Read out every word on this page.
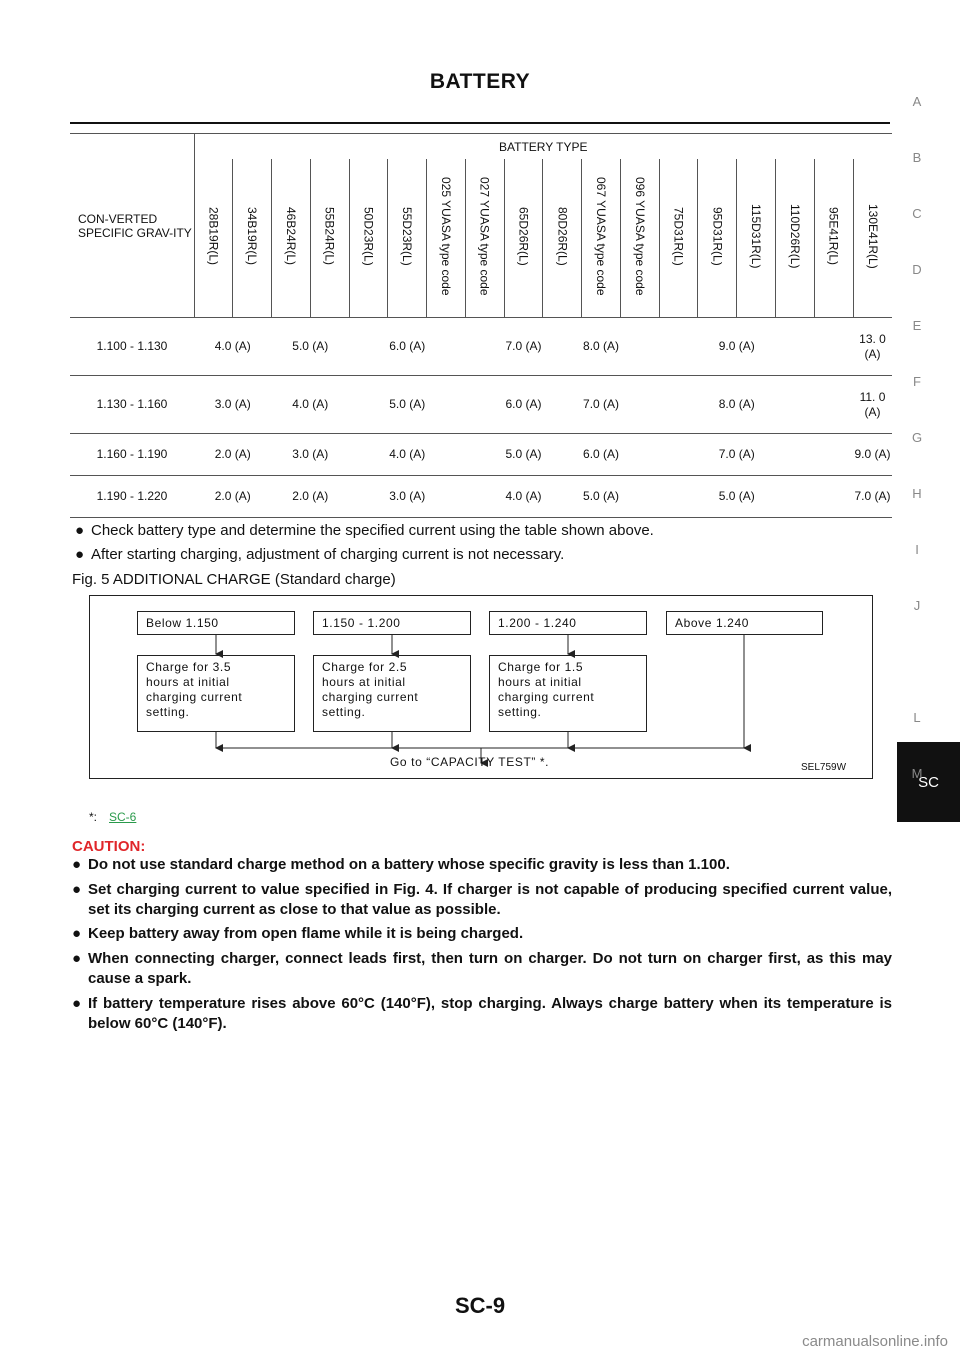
BATTERY
A
B
C
D
E
F
G
H
I
J
SC
L
M
CON-VERTED SPECIFIC GRAV-ITY	BATTERY TYPE																	
	28B19R(L)	34B19R(L)	46B24R(L)	55B24R(L)	50D23R(L)	55D23R(L)	025 YUASA type code	027 YUASA type code	65D26R(L)	80D26R(L)	067 YUASA type code	096 YUASA type code	75D31R(L)	95D31R(L)	115D31R(L)	110D26R(L)	95E41R(L)	130E41R(L)
1.100 - 1.130	4.0 (A)		5.0 (A)		6.0 (A)			7.0 (A)			8.0 (A)	9.0 (A)						13. 0 (A)
1.130 - 1.160	3.0 (A)		4.0 (A)		5.0 (A)			6.0 (A)			7.0 (A)	8.0 (A)						11. 0 (A)
1.160 - 1.190	2.0 (A)		3.0 (A)		4.0 (A)			5.0 (A)			6.0 (A)	7.0 (A)						9.0 (A)
1.190 - 1.220	2.0 (A)		2.0 (A)		3.0 (A)			4.0 (A)			5.0 (A)	5.0 (A)						7.0 (A)
● Check battery type and determine the specified current using the table shown above.
● After starting charging, adjustment of charging current is not necessary.
Fig. 5 ADDITIONAL CHARGE (Standard charge)
Below 1.150	1.150 - 1.200	1.200 - 1.240	Above 1.240
Charge for 3.5
hours at initial
charging current
setting.
Charge for 2.5
hours at initial
charging current
setting.
Charge for 1.5
hours at initial
charging current
setting.
Go to “CAPACITY TEST” *.	SEL759W
*: SC-6
CAUTION:
● Do not use standard charge method on a battery whose specific gravity is less than 1.100.
● Set charging current to value specified in Fig. 4. If charger is not capable of producing specified current value, set its charging current as close to that value as possible.
● Keep battery away from open flame while it is being charged.
● When connecting charger, connect leads first, then turn on charger. Do not turn on charger first, as this may cause a spark.
● If battery temperature rises above 60°C (140°F), stop charging. Always charge battery when its temperature is below 60°C (140°F).
SC-9
carmanualsonline.info
